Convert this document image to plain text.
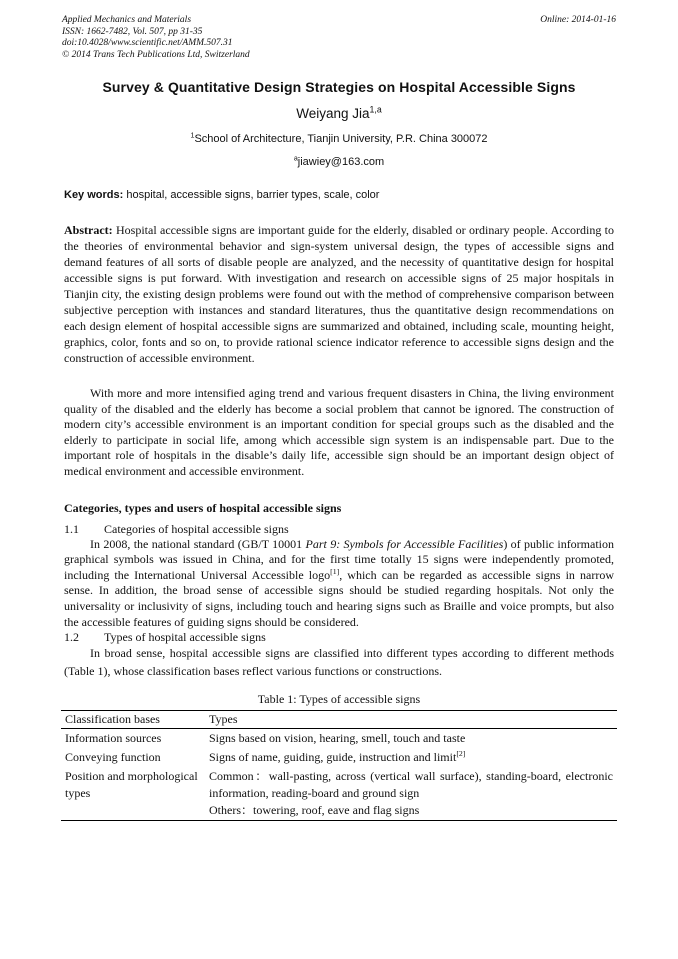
Applied Mechanics and Materials
ISSN: 1662-7482, Vol. 507, pp 31-35
doi:10.4028/www.scientific.net/AMM.507.31
© 2014 Trans Tech Publications Ltd, Switzerland
Online: 2014-01-16
Survey & Quantitative Design Strategies on Hospital Accessible Signs
Weiyang Jia$^{1,a}$
$^1$School of Architecture, Tianjin University, P.R. China 300072
$^a$jiawiey@163.com
Key words: hospital, accessible signs, barrier types, scale, color
Abstract: Hospital accessible signs are important guide for the elderly, disabled or ordinary people. According to the theories of environmental behavior and sign-system universal design, the types of accessible signs and demand features of all sorts of disable people are analyzed, and the necessity of quantitative design for hospital accessible signs is put forward. With investigation and research on accessible signs of 25 major hospitals in Tianjin city, the existing design problems were found out with the method of comprehensive comparison between subjective perception with instances and standard literatures, thus the quantitative design recommendations on each design element of hospital accessible signs are summarized and obtained, including scale, mounting height, graphics, color, fonts and so on, to provide rational science indicator reference to accessible signs design and the construction of accessible environment.
With more and more intensified aging trend and various frequent disasters in China, the living environment quality of the disabled and the elderly has become a social problem that cannot be ignored. The construction of modern city’s accessible environment is an important condition for special groups such as the disabled and the elderly to participate in social life, among which accessible sign system is an indispensable part. Due to the important role of hospitals in the disable’s daily life, accessible sign should be an important design object of medical environment and accessible environment.
Categories, types and users of hospital accessible signs
1.1 Categories of hospital accessible signs
In 2008, the national standard (GB/T 10001 Part 9: Symbols for Accessible Facilities) of public information graphical symbols was issued in China, and for the first time totally 15 signs were independently promoted, including the International Universal Accessible logo[1], which can be regarded as accessible signs in narrow sense. In addition, the broad sense of accessible signs should be studied regarding hospitals. Not only the universality or inclusivity of signs, including touch and hearing signs such as Braille and voice prompts, but also the accessible features of guiding signs should be considered.
1.2 Types of hospital accessible signs
In broad sense, hospital accessible signs are classified into different types according to different methods (Table 1), whose classification bases reflect various functions or constructions.
Table 1: Types of accessible signs
Classification bases	Types
Information sources	Signs based on vision, hearing, smell, touch and taste
Conveying function	Signs of name, guiding, guide, instruction and limit[2]
Position and morphological types	Common：wall-pasting, across (vertical wall surface), standing-board, electronic information, reading-board and ground sign
Others：towering, roof, eave and flag signs
